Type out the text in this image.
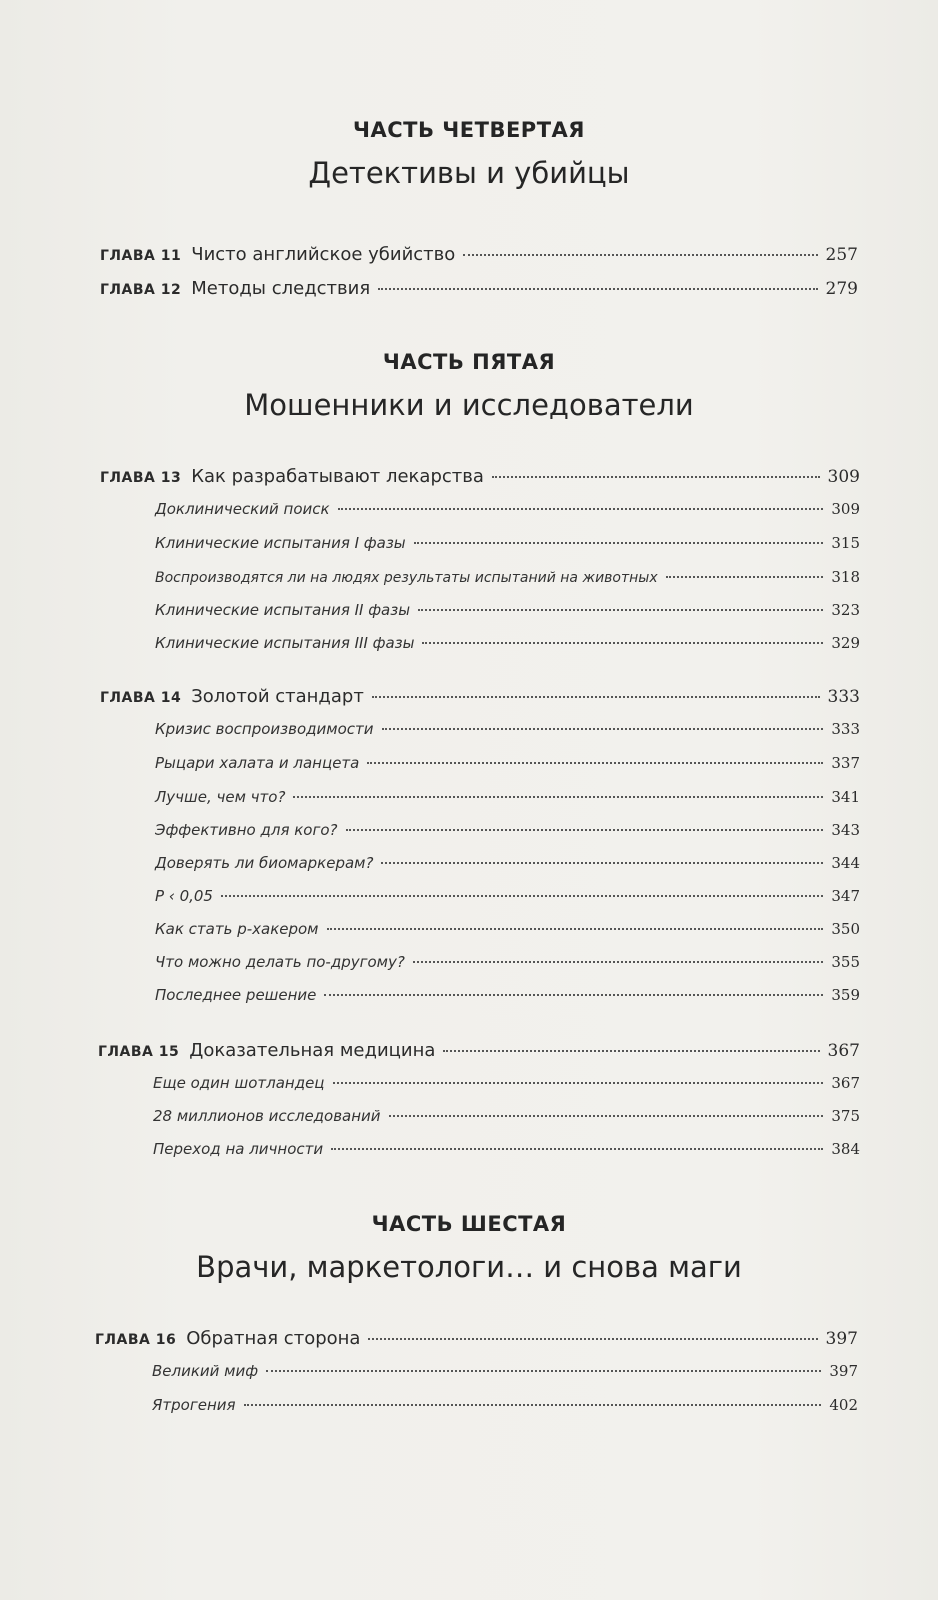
ЧАСТЬ ЧЕТВЕРТАЯ
Детективы и убийцы
ГЛАВА 11 Чисто английское убийство	257
ГЛАВА 12 Методы следствия	279
ЧАСТЬ ПЯТАЯ
Мошенники и исследователи
ГЛАВА 13 Как разрабатывают лекарства	309
Доклинический поиск	309
Клинические испытания I фазы	315
Воспроизводятся ли на людях результаты испытаний на животных	318
Клинические испытания II фазы	323
Клинические испытания III фазы	329
ГЛАВА 14 Золотой стандарт	333
Кризис воспроизводимости	333
Рыцари халата и ланцета	337
Лучше, чем что?	341
Эффективно для кого?	343
Доверять ли биомаркерам?	344
P ‹ 0,05	347
Как стать p-хакером	350
Что можно делать по-другому?	355
Последнее решение	359
ГЛАВА 15 Доказательная медицина	367
Еще один шотландец	367
28 миллионов исследований	375
Переход на личности	384
ЧАСТЬ ШЕСТАЯ
Врачи, маркетологи… и снова маги
ГЛАВА 16 Обратная сторона	397
Великий миф	397
Ятрогения	402
